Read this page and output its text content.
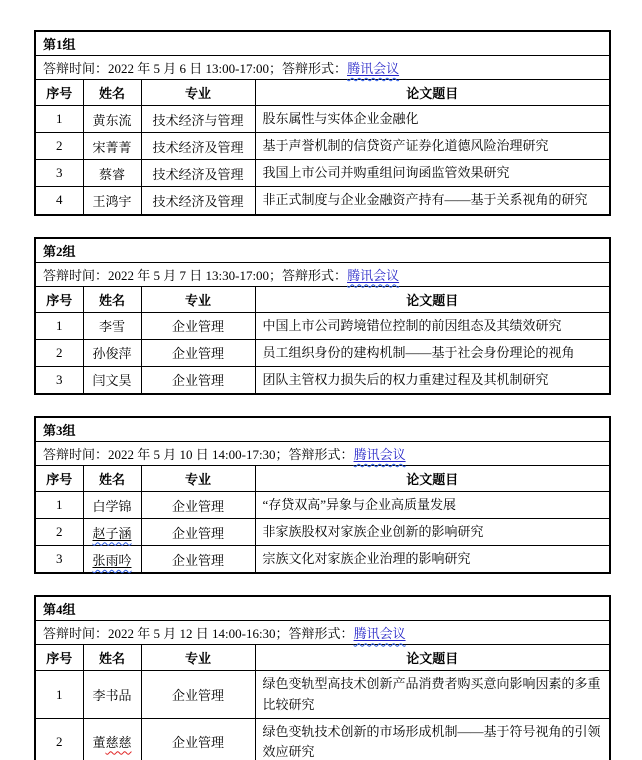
第1组			
答辩时间：2022 年 5 月 6 日 13:00-17:00；答辩形式：腾讯会议			
序号	姓名	专业	论文题目
1	黄东流	技术经济与管理	股东属性与实体企业金融化
2	宋菁菁	技术经济及管理	基于声誉机制的信贷资产证券化道德风险治理研究
3	蔡睿	技术经济及管理	我国上市公司并购重组问询函监管效果研究
4	王鸿宇	技术经济及管理	非正式制度与企业金融资产持有——基于关系视角的研究
第2组			
答辩时间：2022 年 5 月 7 日 13:30-17:00；答辩形式：腾讯会议			
序号	姓名	专业	论文题目
1	李雪	企业管理	中国上市公司跨境错位控制的前因组态及其绩效研究
2	孙俊萍	企业管理	员工组织身份的建构机制——基于社会身份理论的视角
3	闫文昊	企业管理	团队主管权力损失后的权力重建过程及其机制研究
第3组			
答辩时间：2022 年 5 月 10 日 14:00-17:30；答辩形式：腾讯会议			
序号	姓名	专业	论文题目
1	白学锦	企业管理	“存贷双高”异象与企业高质量发展
2	赵子涵	企业管理	非家族股权对家族企业创新的影响研究
3	张雨吟	企业管理	宗族文化对家族企业治理的影响研究
第4组			
答辩时间：2022 年 5 月 12 日 14:00-16:30；答辩形式：腾讯会议			
序号	姓名	专业	论文题目
1	李书品	企业管理	绿色变轨型高技术创新产品消费者购买意向影响因素的多重比较研究
2	董慈慈	企业管理	绿色变轨技术创新的市场形成机制——基于符号视角的引领效应研究
